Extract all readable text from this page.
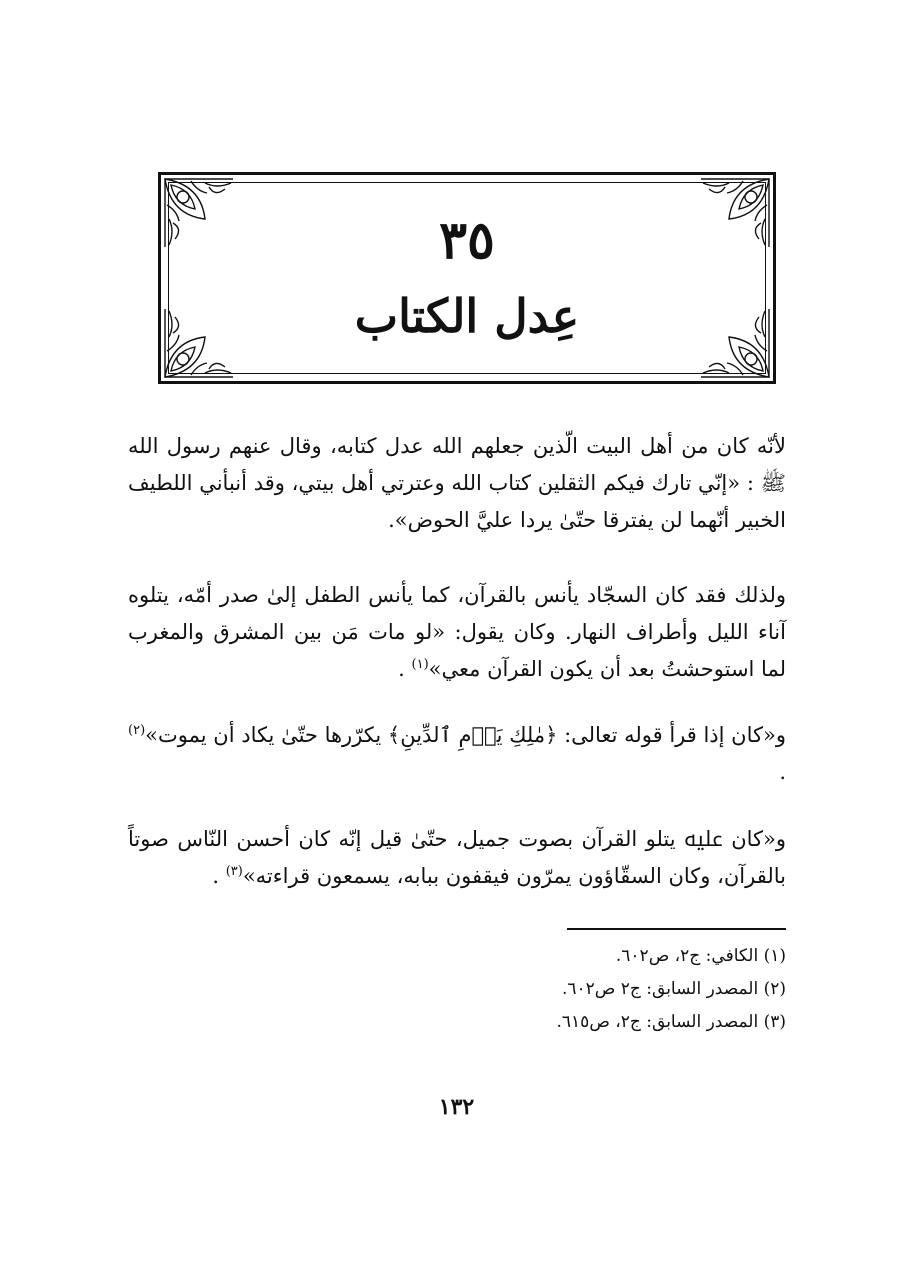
٣٥
عِدل الكتاب

لأنّه كان من أهل البيت الّذين جعلهم الله عدل كتابه، وقال عنهم رسول الله ﷺ : «إنّي تارك فيكم الثقلين كتاب الله وعترتي أهل بيتي، وقد أنبأني اللطيف الخبير أنّهما لن يفترقا حتّىٰ يردا عليَّ الحوض».

ولذلك فقد كان السجّاد يأنس بالقرآن، كما يأنس الطفل إلىٰ صدر أمّه، يتلوه آناء الليل وأطراف النهار. وكان يقول: «لو مات مَن بين المشرق والمغرب لما استوحشتُ بعد أن يكون القرآن معي»$^{(١)}$ .

و«كان إذا قرأ قوله تعالى: ﴿مٰلِكِ يَوۡمِ ٱلدِّينِ﴾ يكرّرها حتّىٰ يكاد أن يموت»$^{(٢)}$ .

و«كان ﷷ يتلو القرآن بصوت جميل، حتّىٰ قيل إنّه كان أحسن النّاس صوتاً بالقرآن، وكان السقّاؤون يمرّون فيقفون ببابه، يسمعون قراءته»$^{(٣)}$ .

(١) الكافي: ج٢، ص٦٠٢.
(٢) المصدر السابق: ج٢ ص٦٠٢.
(٣) المصدر السابق: ج٢، ص٦١٥.
١٣٢
